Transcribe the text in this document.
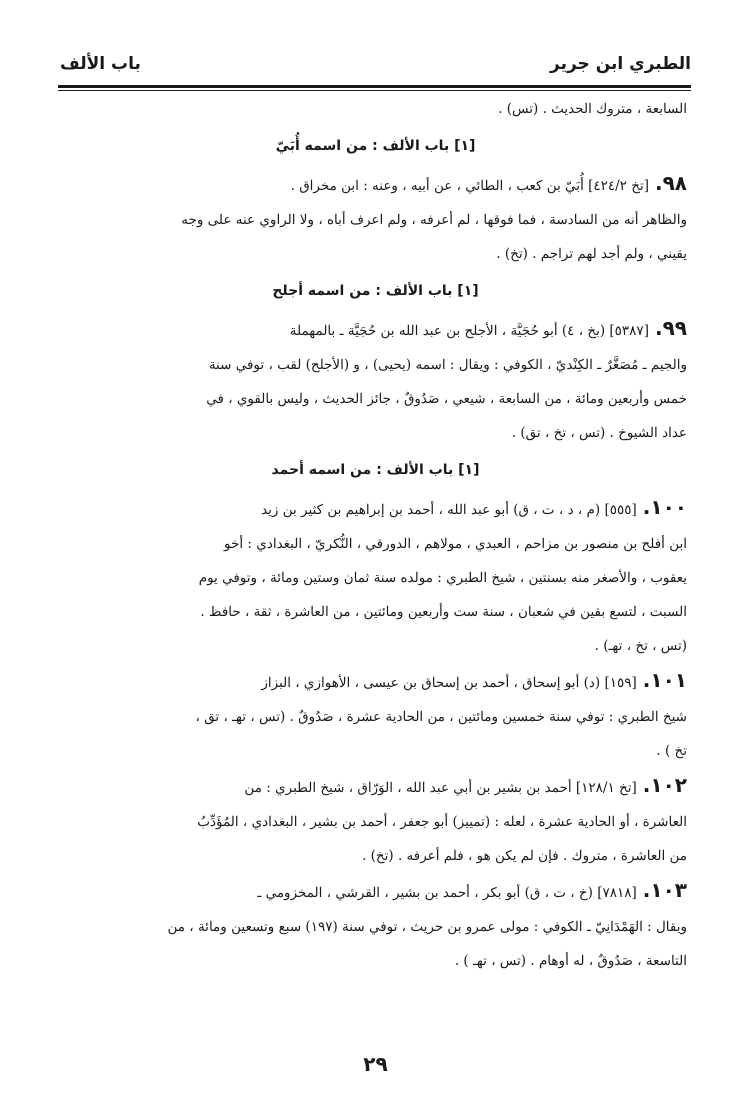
الطبري ابن جرير
باب الألف

السابعة ، متروك الحديث . (تس) .

[١] باب الألف : من اسمه أُبَيّ

٩٨.[تخ ٤٢٤/٢] أُبَيّ بن كعب ، الطائي ، عن أبيه ، وعنه : ابن مخراق .

والظاهر أنه من السادسة ، فما فوقها ، لم أعرفه ، ولم اعرف أباه ، ولا الراوي عنه على وجه

يقيني ، ولم أجد لهم تراجم . (تخ) .

[١] باب الألف : من اسمه أجلح

٩٩.[٥٣٨٧] (بخ ، ٤) أبو حُجَيَّة ، الأجلح بن عبد الله بن حُجَيَّة ـ بالمهملة

والجيم ـ مُصَغَّرٌ ـ الكِنْديّ ، الكوفي : ويقال : اسمه (يحيى) ، و (الأجلح) لقب ، توفي سنة

خمس وأربعين ومائة ، من السابعة ، شيعي ، صَدُوقٌ ، جائز الحديث ، وليس بالقوي ، في

عداد الشيوخ . (تس ، تخ ، تق) .

[١] باب الألف : من اسمه أحمد

١٠٠.[٥٥٥] (م ، د ، ت ، ق) أبو عبد الله ، أحمد بن إبراهيم بن كثير بن زيد

ابن أفلح بن منصور بن مزاحم ، العبدي ، مولاهم ، الدورقي ، النُّكريّ ، البغدادي : أخو

يعقوب ، والأصغر منه بسنتين ، شيخ الطبري : مولده سنة ثمان وستين ومائة ، وتوفي يوم

السبت ، لتسع بقين في شعبان ، سنة ست وأربعين ومائتين ، من العاشرة ، ثقة ، حافظ .

(تس ، تخ ، تهـ) .

١٠١.[١٥٩] (د) أبو إسحاق ، أحمد بن إسحاق بن عيسى ، الأهوازي ، البزاز

شيخ الطبري : توفي سنة خمسين ومائتين ، من الحادية عشرة ، صَدُوقٌ . (تس ، تهـ ، تق ،

تخ ) .

١٠٢.[تخ ١٢٨/١] أحمد بن بشير بن أبي عبد الله ، الوَرّاق ، شيخ الطبري : من

العاشرة ، أو الحادية عشرة ، لعله : (تمييز) أبو جعفر ، أحمد بن بشير ، البغدادي ، المُؤَدِّبُ

من العاشرة ، متروك . فإن لم يكن هو ، فلم أعرفه . (تخ) .

١٠٣.[٧٨١٨] (خ ، ت ، ق) أبو بكر ، أحمد بن بشير ، القرشي ، المخزومي ـ

ويقال : الهَمْدَانِيّ ـ الكوفي : مولى عمرو بن حريث ، توفي سنة (١٩٧) سبع وتسعين ومائة ، من

التاسعة ، صَدُوقٌ ، له أوهام . (تس ، تهـ ) .

٢٩
